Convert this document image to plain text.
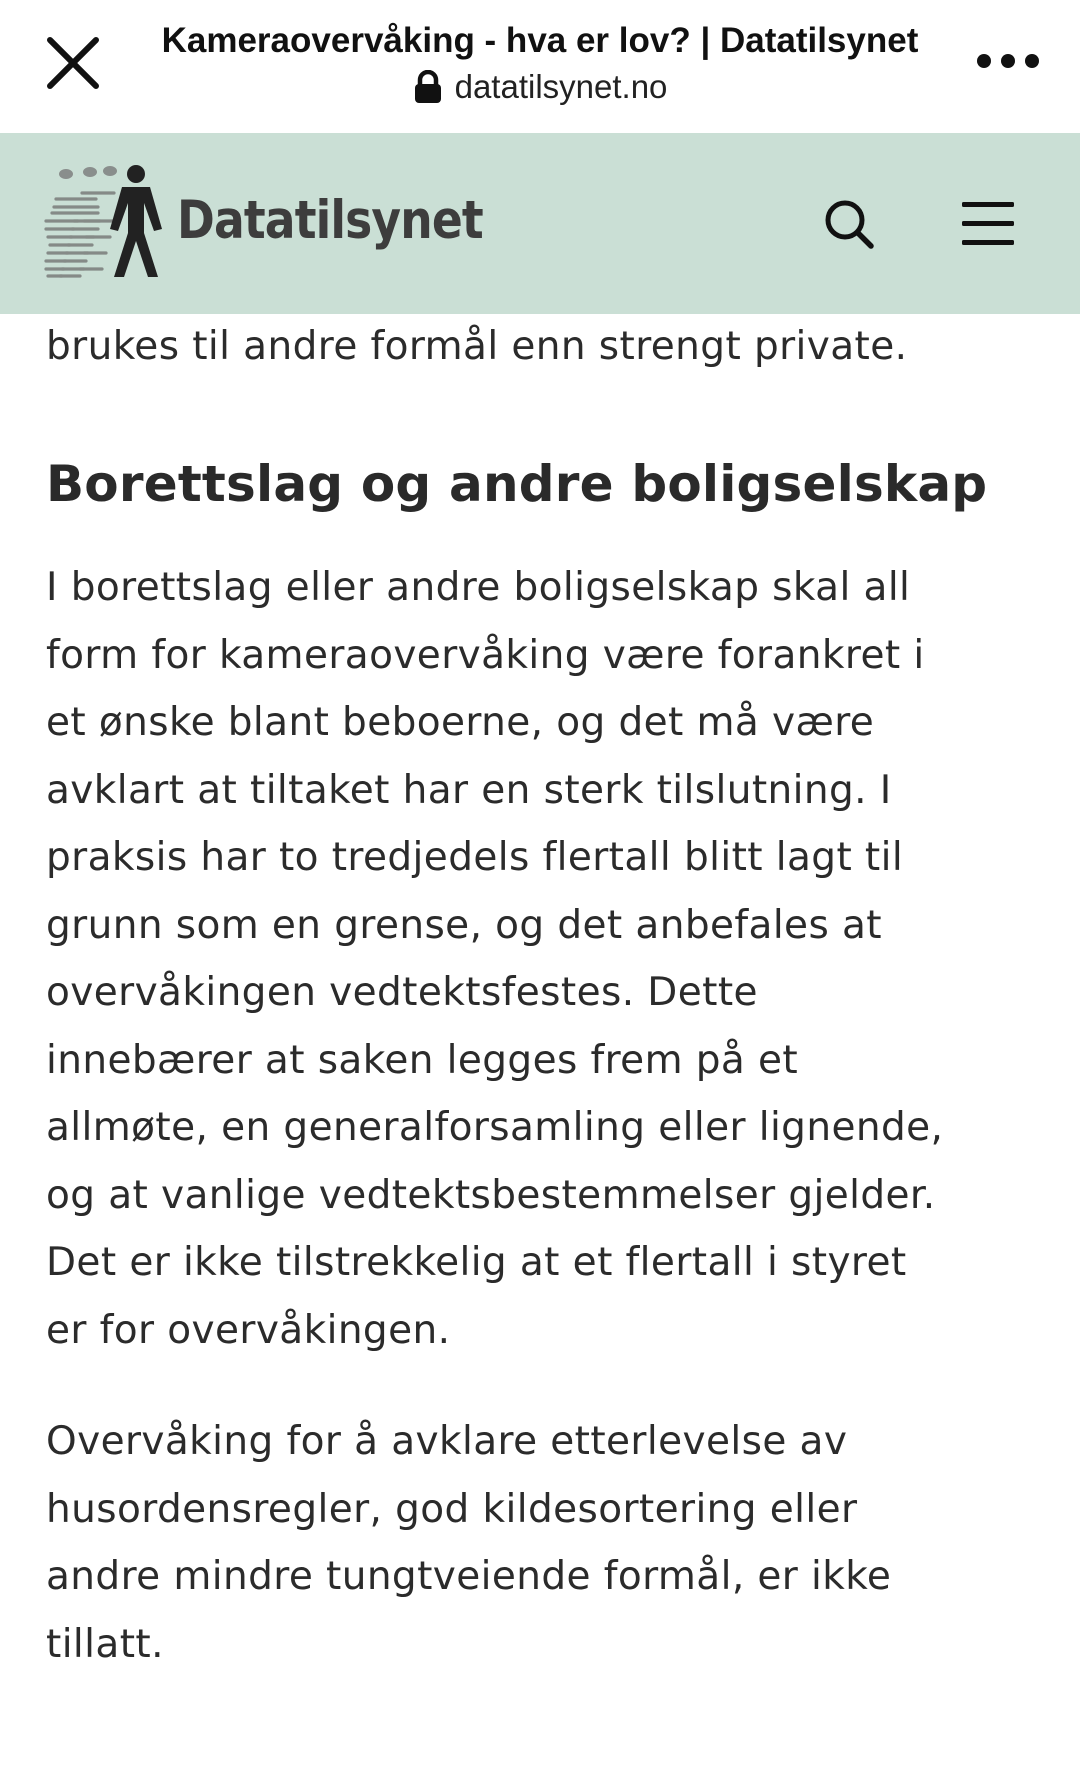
Kameraovervåking - hva er lov? | Datatilsynet
datatilsynet.no
Datatilsynet

brukes til andre formål enn strengt private.

Borettslag og andre boligselskap

I borettslag eller andre boligselskap skal all
form for kameraovervåking være forankret i
et ønske blant beboerne, og det må være
avklart at tiltaket har en sterk tilslutning. I
praksis har to tredjedels flertall blitt lagt til
grunn som en grense, og det anbefales at
overvåkingen vedtektsfestes. Dette
innebærer at saken legges frem på et
allmøte, en generalforsamling eller lignende,
og at vanlige vedtektsbestemmelser gjelder.
Det er ikke tilstrekkelig at et flertall i styret
er for overvåkingen.

Overvåking for å avklare etterlevelse av
husordensregler, god kildesortering eller
andre mindre tungtveiende formål, er ikke
tillatt.
